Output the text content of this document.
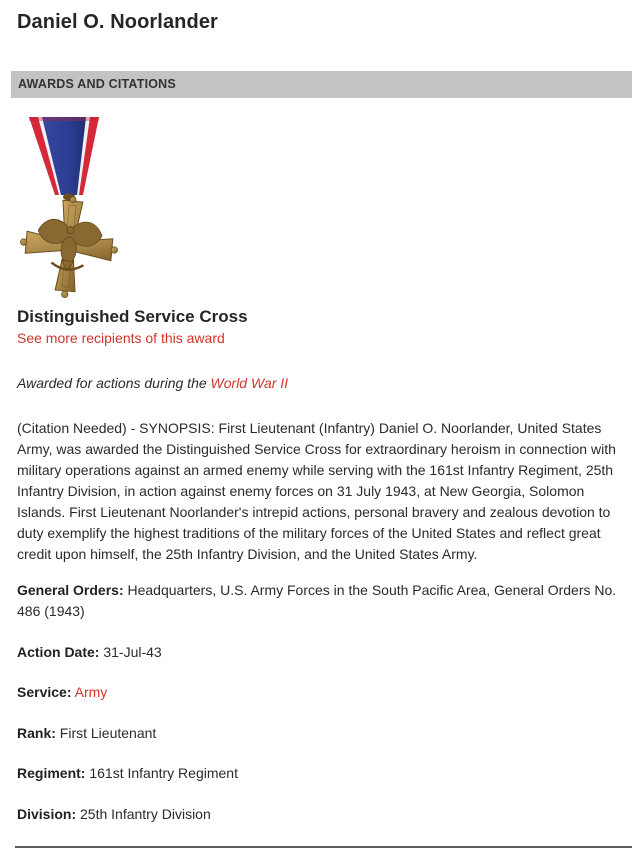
Daniel O. Noorlander
AWARDS AND CITATIONS
Distinguished Service Cross
See more recipients of this award

Awarded for actions during the World War II

(Citation Needed) - SYNOPSIS: First Lieutenant (Infantry) Daniel O. Noorlander, United States Army, was awarded the Distinguished Service Cross for extraordinary heroism in connection with military operations against an armed enemy while serving with the 161st Infantry Regiment, 25th Infantry Division, in action against enemy forces on 31 July 1943, at New Georgia, Solomon Islands. First Lieutenant Noorlander's intrepid actions, personal bravery and zealous devotion to duty exemplify the highest traditions of the military forces of the United States and reflect great credit upon himself, the 25th Infantry Division, and the United States Army.

General Orders: Headquarters, U.S. Army Forces in the South Pacific Area, General Orders No. 486 (1943)

Action Date: 31-Jul-43

Service: Army

Rank: First Lieutenant

Regiment: 161st Infantry Regiment

Division: 25th Infantry Division
